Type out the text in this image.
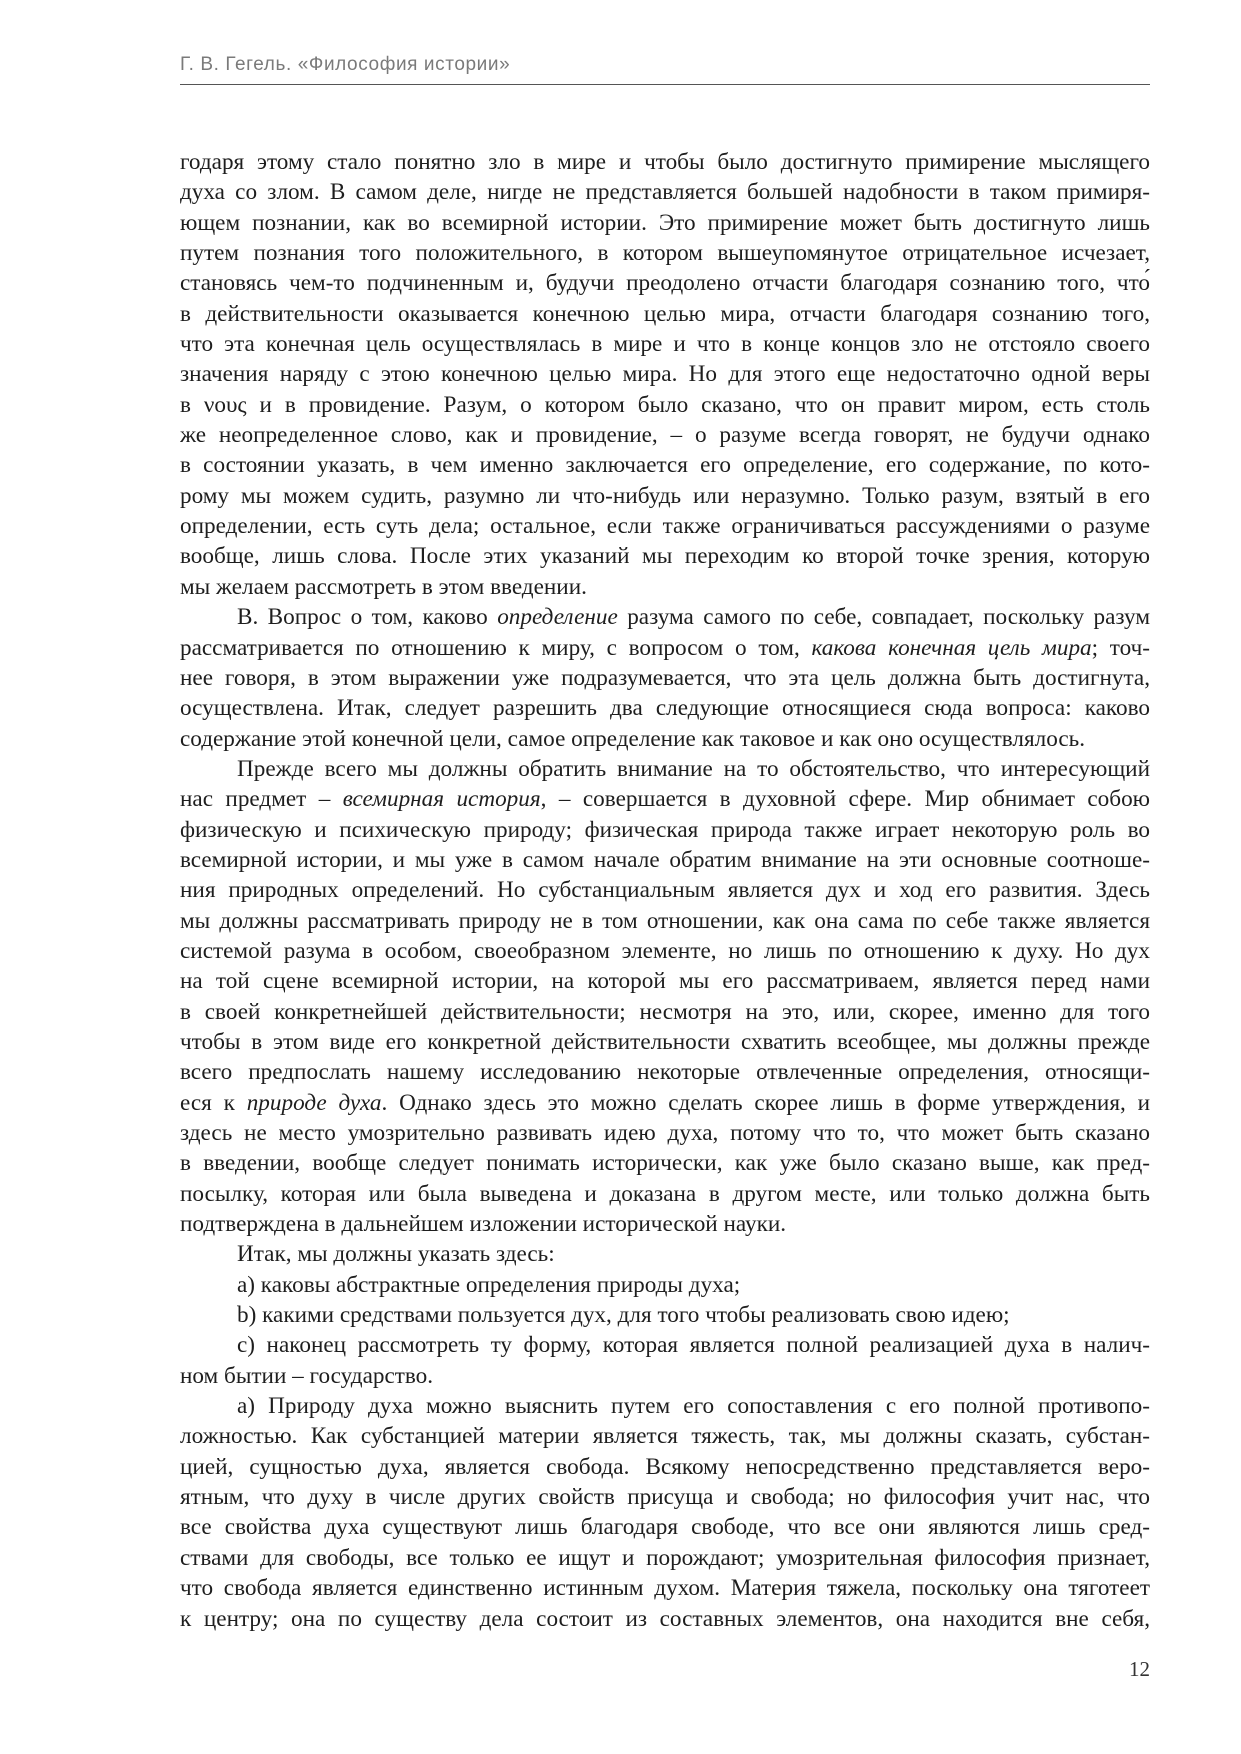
Г. В. Гегель. «Философия истории»
годаря этому стало понятно зло в мире и чтобы было достигнуто примирение мыслящего
духа со злом. В самом деле, нигде не представляется большей надобности в таком примиря-
ющем познании, как во всемирной истории. Это примирение может быть достигнуто лишь
путем познания того положительного, в котором вышеупомянутое отрицательное исчезает,
становясь чем-то подчиненным и, будучи преодолено отчасти благодаря сознанию того, что́
в действительности оказывается конечною целью мира, отчасти благодаря сознанию того,
что эта конечная цель осуществлялась в мире и что в конце концов зло не отстояло своего
значения наряду с этою конечною целью мира. Но для этого еще недостаточно одной веры
в νους и в провидение. Разум, о котором было сказано, что он правит миром, есть столь
же неопределенное слово, как и провидение, – о разуме всегда говорят, не будучи однако
в состоянии указать, в чем именно заключается его определение, его содержание, по кото-
рому мы можем судить, разумно ли что-нибудь или неразумно. Только разум, взятый в его
определении, есть суть дела; остальное, если также ограничиваться рассуждениями о разуме
вообще, лишь слова. После этих указаний мы переходим ко второй точке зрения, которую
мы желаем рассмотреть в этом введении.
B. Вопрос о том, каково определение разума самого по себе, совпадает, поскольку разум
рассматривается по отношению к миру, с вопросом о том, какова конечная цель мира; точ-
нее говоря, в этом выражении уже подразумевается, что эта цель должна быть достигнута,
осуществлена. Итак, следует разрешить два следующие относящиеся сюда вопроса: каково
содержание этой конечной цели, самое определение как таковое и как оно осуществлялось.
Прежде всего мы должны обратить внимание на то обстоятельство, что интересующий
нас предмет – всемирная история, – совершается в духовной сфере. Мир обнимает собою
физическую и психическую природу; физическая природа также играет некоторую роль во
всемирной истории, и мы уже в самом начале обратим внимание на эти основные соотноше-
ния природных определений. Но субстанциальным является дух и ход его развития. Здесь
мы должны рассматривать природу не в том отношении, как она сама по себе также является
системой разума в особом, своеобразном элементе, но лишь по отношению к духу. Но дух
на той сцене всемирной истории, на которой мы его рассматриваем, является перед нами
в своей конкретнейшей действительности; несмотря на это, или, скорее, именно для того
чтобы в этом виде его конкретной действительности схватить всеобщее, мы должны прежде
всего предпослать нашему исследованию некоторые отвлеченные определения, относящи-
еся к природе духа. Однако здесь это можно сделать скорее лишь в форме утверждения, и
здесь не место умозрительно развивать идею духа, потому что то, что может быть сказано
в введении, вообще следует понимать исторически, как уже было сказано выше, как пред-
посылку, которая или была выведена и доказана в другом месте, или только должна быть
подтверждена в дальнейшем изложении исторической науки.
Итак, мы должны указать здесь:
a) каковы абстрактные определения природы духа;
b) какими средствами пользуется дух, для того чтобы реализовать свою идею;
c) наконец рассмотреть ту форму, которая является полной реализацией духа в налич-
ном бытии – государство.
a) Природу духа можно выяснить путем его сопоставления с его полной противопо-
ложностью. Как субстанцией материи является тяжесть, так, мы должны сказать, субстан-
цией, сущностью духа, является свобода. Всякому непосредственно представляется веро-
ятным, что духу в числе других свойств присуща и свобода; но философия учит нас, что
все свойства духа существуют лишь благодаря свободе, что все они являются лишь сред-
ствами для свободы, все только ее ищут и порождают; умозрительная философия признает,
что свобода является единственно истинным духом. Материя тяжела, поскольку она тяготеет
к центру; она по существу дела состоит из составных элементов, она находится вне себя,
12
